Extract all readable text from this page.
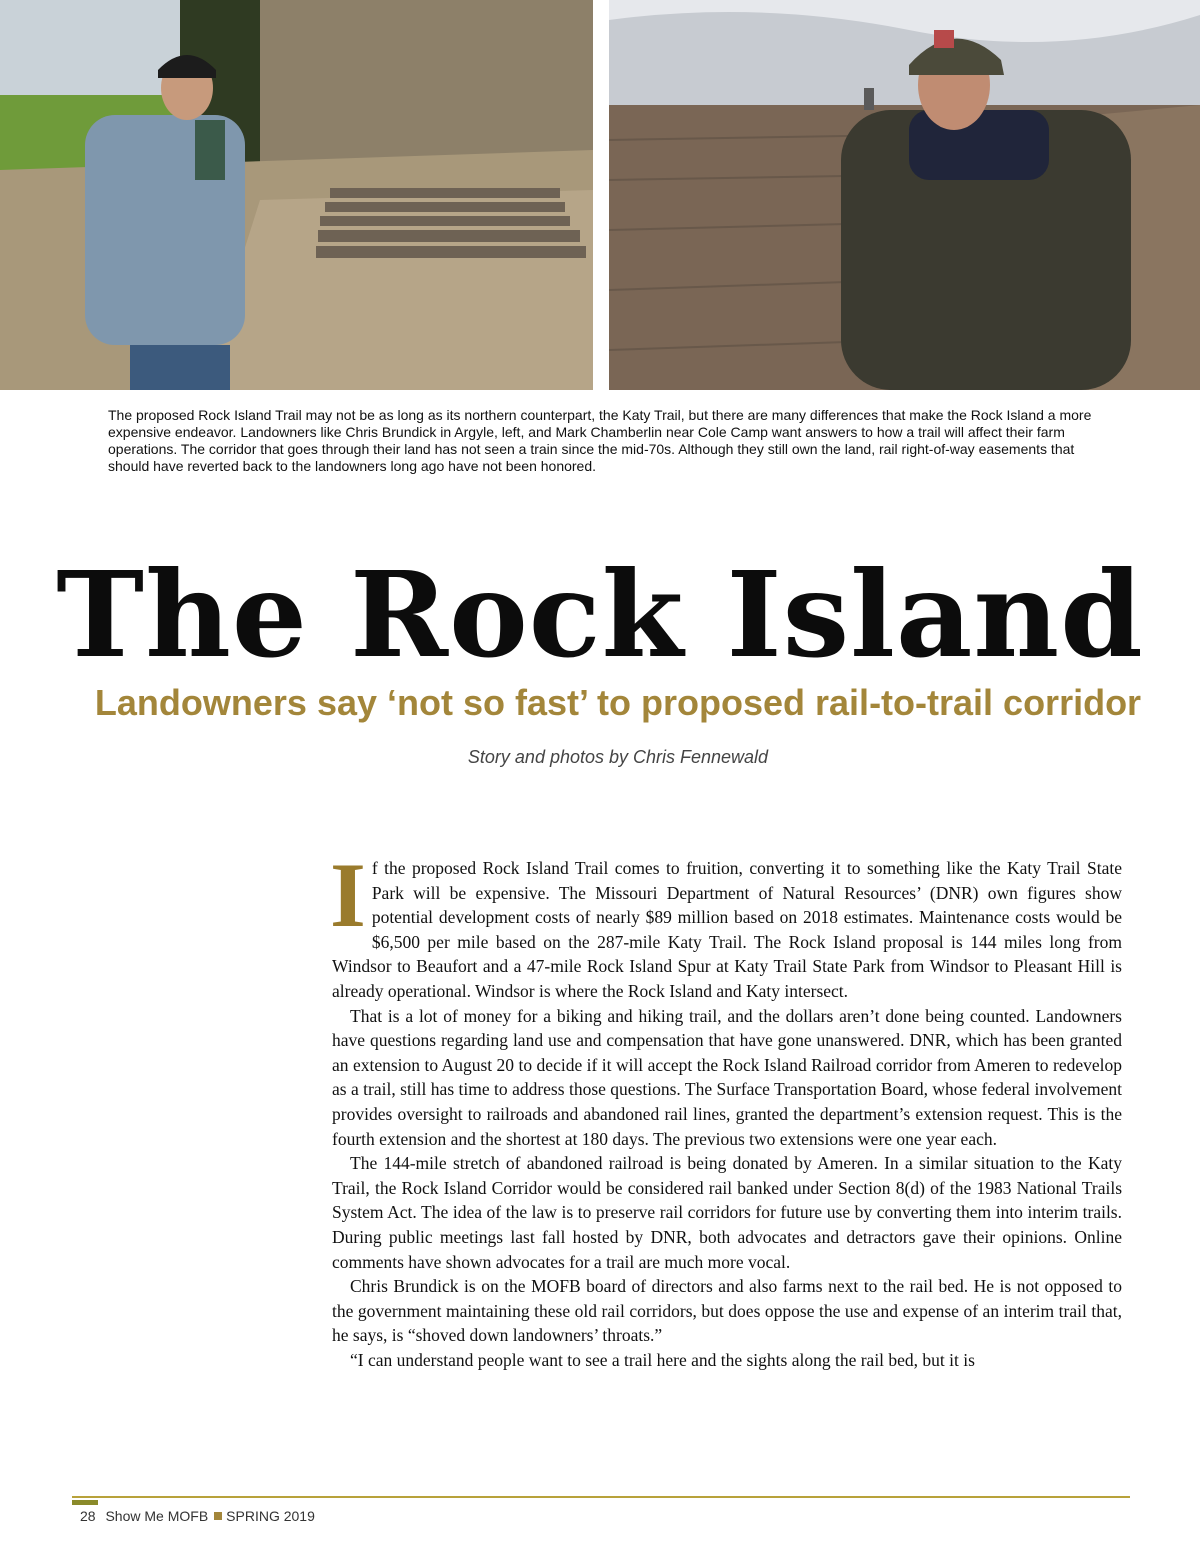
The proposed Rock Island Trail may not be as long as its northern counterpart, the Katy Trail, but there are many differences that make the Rock Island a more expensive endeavor. Landowners like Chris Brundick in Argyle, left, and Mark Chamberlin near Cole Camp want answers to how a trail will affect their farm operations. The corridor that goes through their land has not seen a train since the mid-70s. Although they still own the land, rail right-of-way easements that should have reverted back to the landowners long ago have not been honored.
The Rock Island
Landowners say ‘not so fast’ to proposed rail-to-trail corridor
Story and photos by Chris Fennewald

If the proposed Rock Island Trail comes to fruition, converting it to something like the Katy Trail State Park will be expensive. The Missouri Department of Natural Resources’ (DNR) own figures show potential development costs of nearly $89 million based on 2018 estimates. Maintenance costs would be $6,500 per mile based on the 287-mile Katy Trail. The Rock Island proposal is 144 miles long from Windsor to Beaufort and a 47-mile Rock Island Spur at Katy Trail State Park from Windsor to Pleasant Hill is already operational. Windsor is where the Rock Island and Katy intersect.

That is a lot of money for a biking and hiking trail, and the dollars aren’t done being counted. Landowners have questions regarding land use and compensation that have gone unanswered. DNR, which has been granted an extension to August 20 to decide if it will accept the Rock Island Railroad corridor from Ameren to redevelop as a trail, still has time to address those questions. The Surface Transportation Board, whose federal involvement provides oversight to railroads and abandoned rail lines, granted the department’s extension request. This is the fourth extension and the shortest at 180 days. The previous two extensions were one year each.

The 144-mile stretch of abandoned railroad is being donated by Ameren. In a similar situation to the Katy Trail, the Rock Island Corridor would be considered rail banked under Section 8(d) of the 1983 National Trails System Act. The idea of the law is to preserve rail corridors for future use by converting them into interim trails. During public meetings last fall hosted by DNR, both advocates and detractors gave their opinions. Online comments have shown advocates for a trail are much more vocal.

Chris Brundick is on the MOFB board of directors and also farms next to the rail bed. He is not opposed to the government maintaining these old rail corridors, but does oppose the use and expense of an interim trail that, he says, is “shoved down landowners’ throats.”

“I can understand people want to see a trail here and the sights along the rail bed, but it is

28 Show Me MOFB SPRING 2019
